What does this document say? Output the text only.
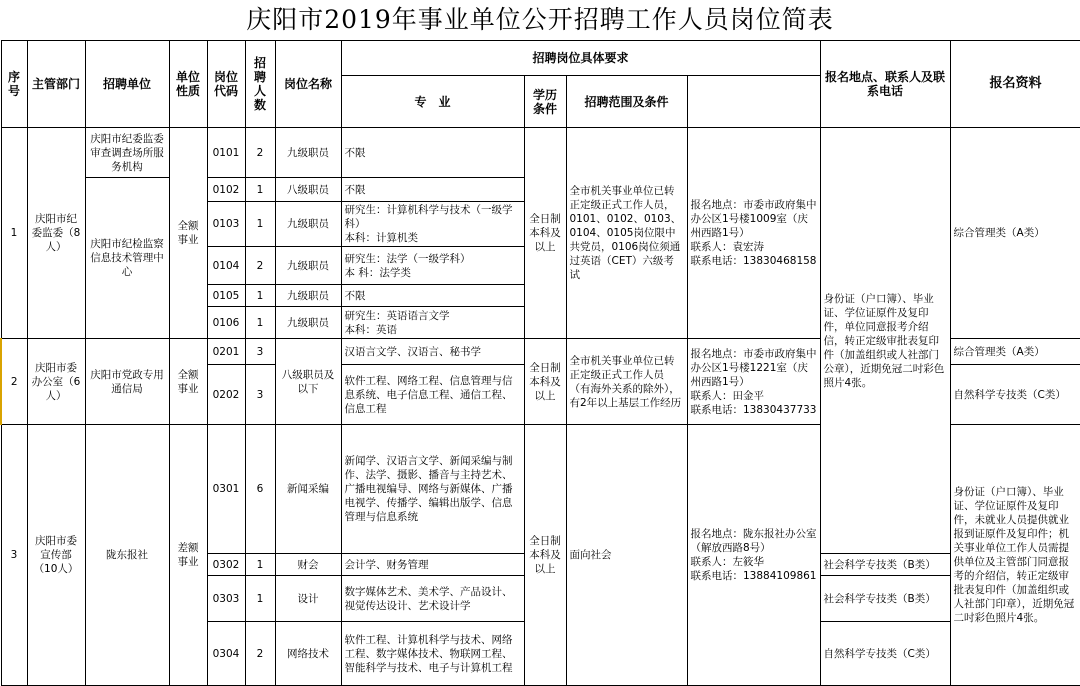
庆阳市2019年事业单位公开招聘工作人员岗位简表
序号	主管部门	招聘单位	单位性质	岗位代码	招聘人数	岗位名称	招聘岗位具体要求				报名地点、联系人及联系电话	报名资料	
							专　业	学历条件	招聘范围及条件				
1	庆阳市纪委监委（8人）	庆阳市纪委监委审查调查场所服务机构	全额事业	0101	2	九级职员	不限	全日制本科及以上	全市机关事业单位已转正定级正式工作人员，0101、0102、0103、0104、0105岗位限中共党员，0106岗位须通过英语（CET）六级考试	报名地点：市委市政府集中办公区1号楼1009室（庆州西路1号）
联系人：袁宏涛
联系电话：13830468158	身份证（户口簿）、毕业证、学位证原件及复印件，单位同意报考介绍信，转正定级审批表复印件（加盖组织或人社部门公章），近期免冠二吋彩色照片4张。	综合管理类（A类）	
		庆阳市纪检监察信息技术管理中心		0102	1	八级职员	不限						
				0103	1	九级职员	研究生：计算机科学与技术（一级学科）
本科：计算机类						
				0104	2	九级职员	研究生：法学（一级学科）
本 科：法学类						
				0105	1	九级职员	不限						
				0106	1	九级职员	研究生：英语语言文学
本科：英语						
2	庆阳市委办公室（6人）	庆阳市党政专用通信局	全额事业	0201	3	八级职员及以下	汉语言文学、汉语言、秘书学	全日制本科及以上	全市机关事业单位已转正定级正式工作人员（有海外关系的除外），有2年以上基层工作经历	报名地点：市委市政府集中办公区1号楼1221室（庆州西路1号）
联系人：田金平
联系电话：13830437733		综合管理类（A类）	
				0202	3		软件工程、网络工程、信息管理与信息系统、电子信息工程、通信工程、信息工程					自然科学专技类（C类）	
3	庆阳市委宣传部（10人）	陇东报社	差额事业	0301	6	新闻采编	新闻学、汉语言文学、新闻采编与制作、法学、摄影、播音与主持艺术、广播电视编导、网络与新媒体、广播电视学、传播学、编辑出版学、信息管理与信息系统	全日制本科及以上	面向社会	报名地点：陇东报社办公室（解放西路8号）
联系人：左筱华
联系电话：13884109861		身份证（户口簿）、毕业证、学位证原件及复印件，未就业人员提供就业报到证原件及复印件；机关事业单位工作人员需提供单位及主管部门同意报考的介绍信，转正定级审批表复印件（加盖组织或人社部门印章），近期免冠二吋彩色照片4张。	
				0302	1	财会	会计学、财务管理				社会科学专技类（B类）		
				0303	1	设计	数字媒体艺术、美术学、产品设计、视觉传达设计、艺术设计学				社会科学专技类（B类）		
				0304	2	网络技术	软件工程、计算机科学与技术、网络工程、数字媒体技术、物联网工程、智能科学与技术、电子与计算机工程				自然科学专技类（C类）		
